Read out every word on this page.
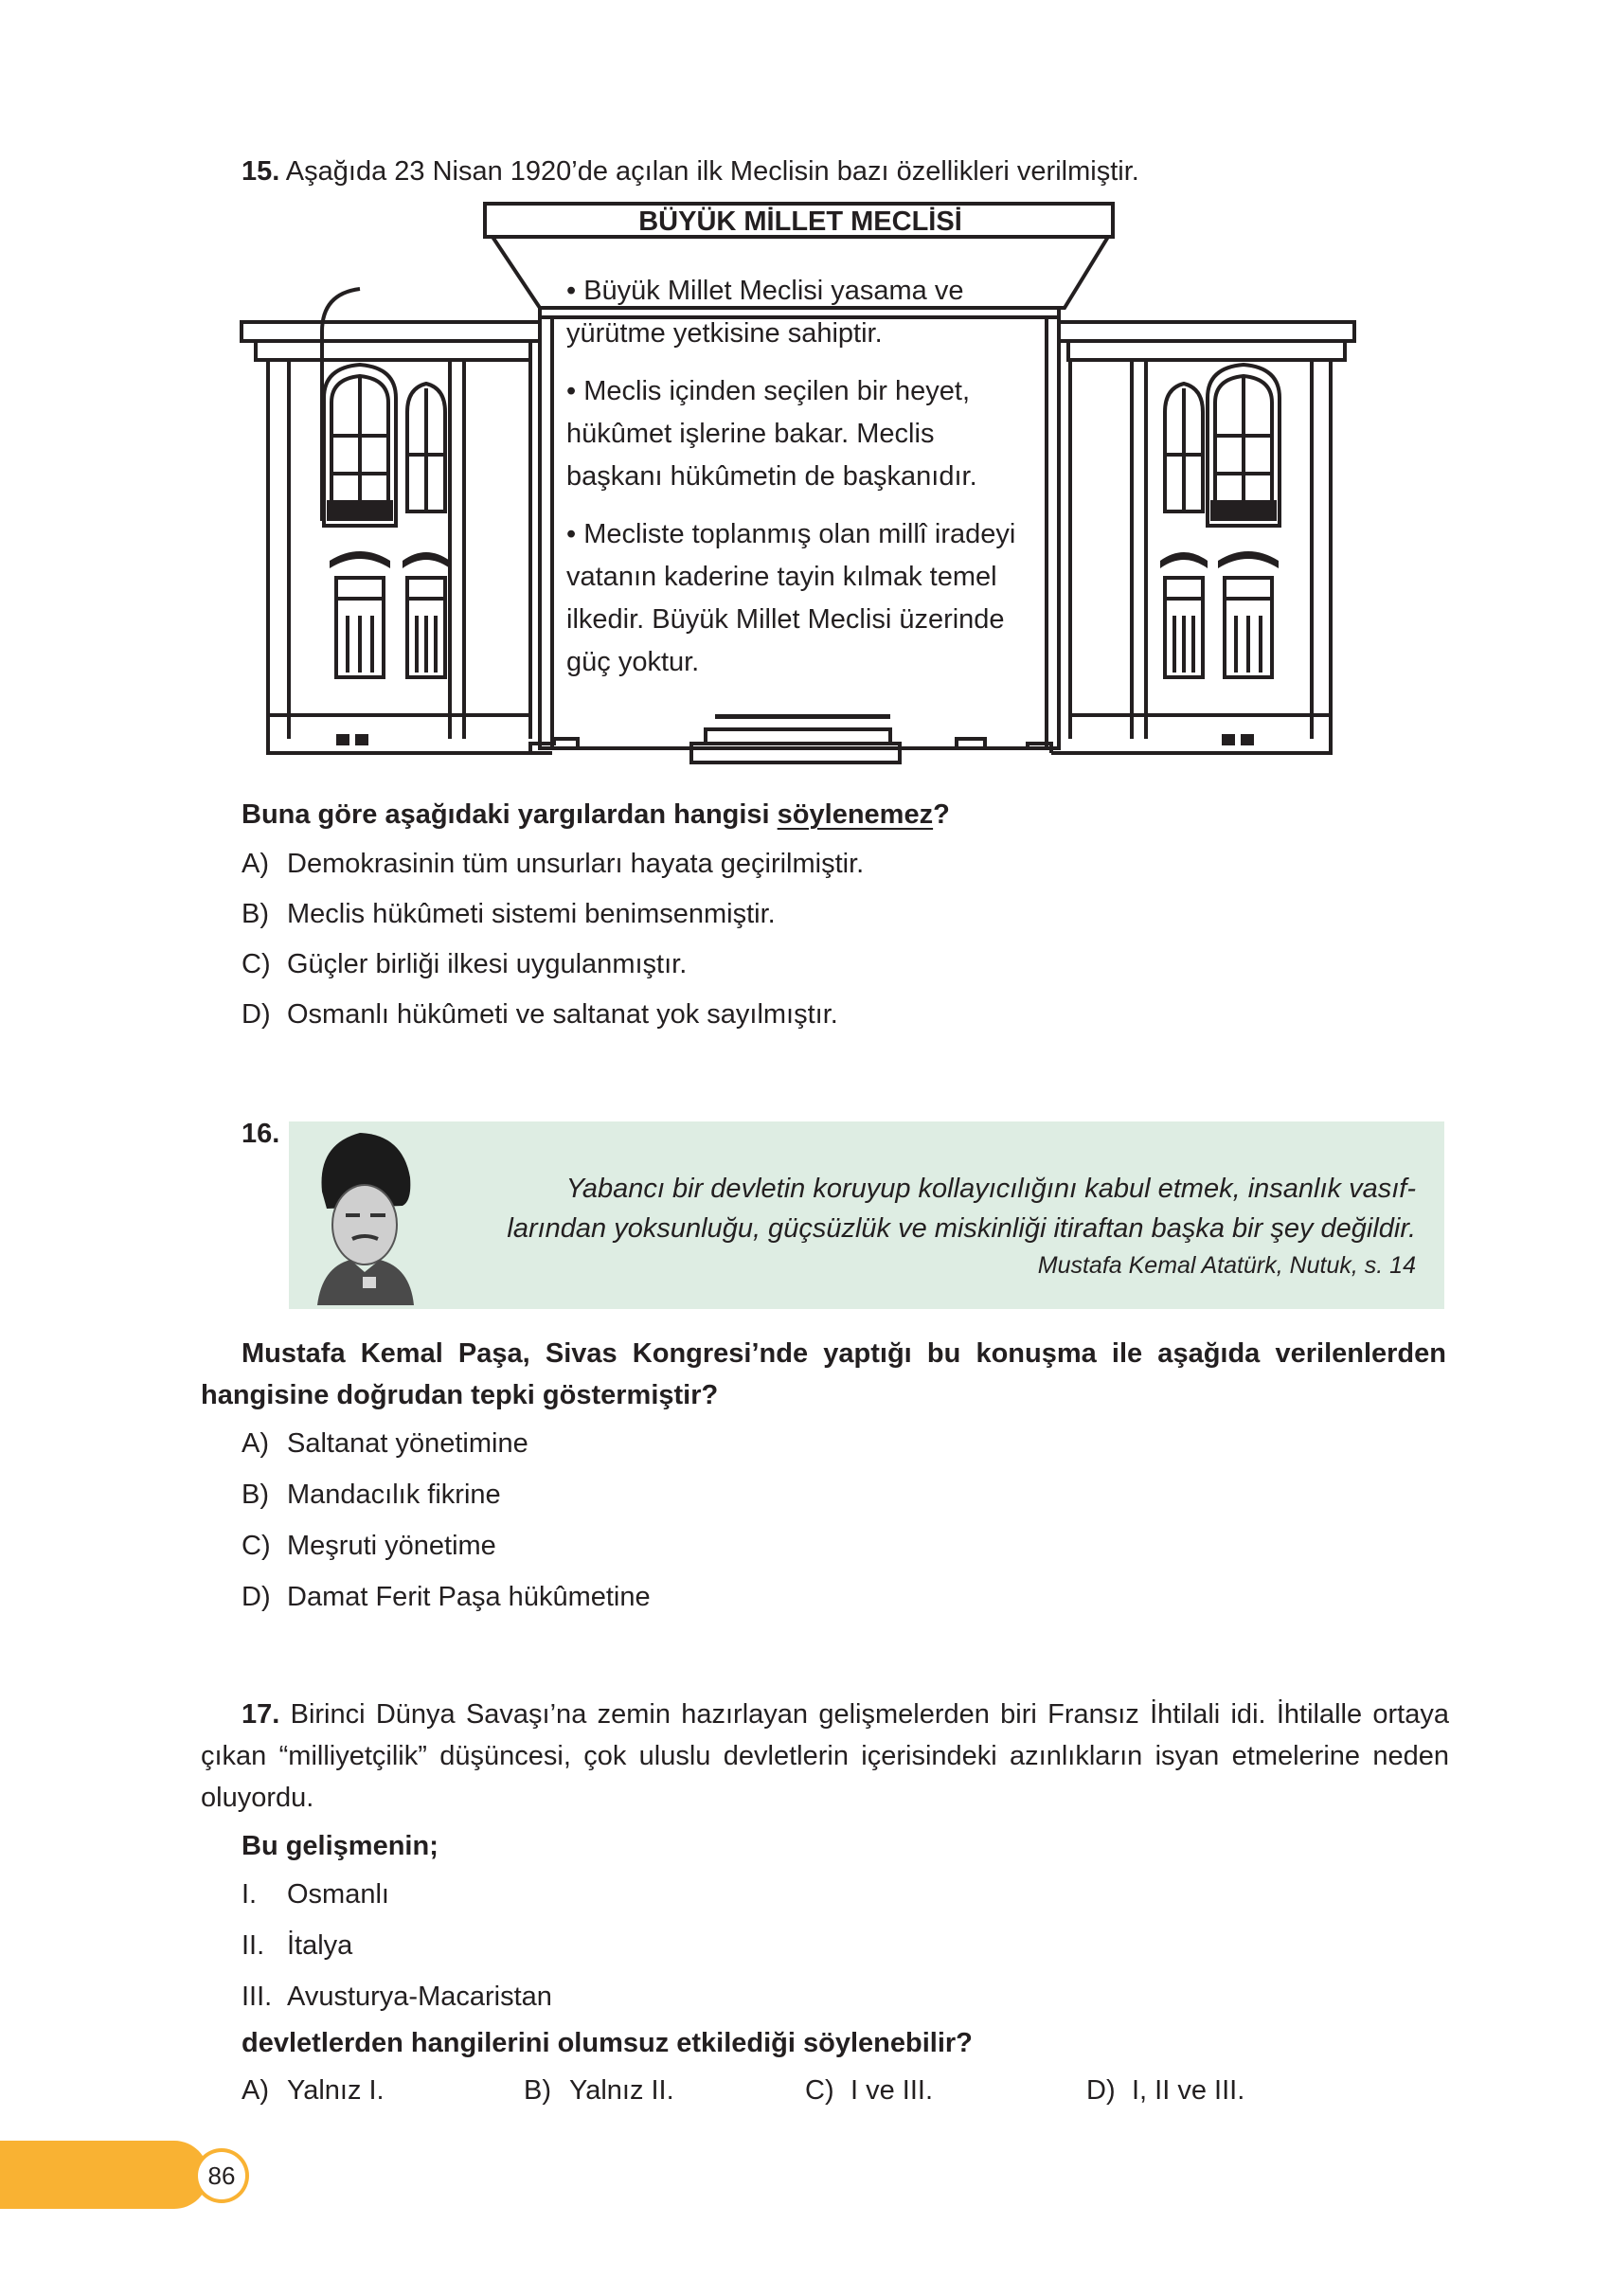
15. Aşağıda 23 Nisan 1920’de açılan ilk Meclisin bazı özellikleri verilmiştir.
BÜYÜK MİLLET MECLİSİ
• Büyük Millet Meclisi yasama ve
yürütme yetkisine sahiptir.
• Meclis içinden seçilen bir heyet,
hükûmet işlerine bakar. Meclis
başkanı hükûmetin de başkanıdır.
• Mecliste toplanmış olan millî iradeyi
vatanın kaderine tayin kılmak temel
ilkedir. Büyük Millet Meclisi üzerinde
güç yoktur.
Buna göre aşağıdaki yargılardan hangisi söylenemez?
A) Demokrasinin tüm unsurları hayata geçirilmiştir.
B) Meclis hükûmeti sistemi benimsenmiştir.
C) Güçler birliği ilkesi uygulanmıştır.
D) Osmanlı hükûmeti ve saltanat yok sayılmıştır.
16.
Yabancı bir devletin koruyup kollayıcılığını kabul etmek, insanlık vasıf-
larından yoksunluğu, güçsüzlük ve miskinliği itiraftan başka bir şey değildir.
Mustafa Kemal Atatürk, Nutuk, s. 14
Mustafa Kemal Paşa, Sivas Kongresi’nde yaptığı bu konuşma ile aşağıda verilenlerden
hangisine doğrudan tepki göstermiştir?
A) Saltanat yönetimine
B) Mandacılık fikrine
C) Meşruti yönetime
D) Damat Ferit Paşa hükûmetine
17. Birinci Dünya Savaşı’na zemin hazırlayan gelişmelerden biri Fransız İhtilali idi. İhtilalle ortaya
çıkan “milliyetçilik” düşüncesi, çok uluslu devletlerin içerisindeki azınlıkların isyan etmelerine neden
oluyordu.
Bu gelişmenin;
I. Osmanlı
II. İtalya
III. Avusturya-Macaristan
devletlerden hangilerini olumsuz etkilediği söylenebilir?
A) Yalnız I.	B) Yalnız II.	C) I ve III.	D) I, II ve III.
86
